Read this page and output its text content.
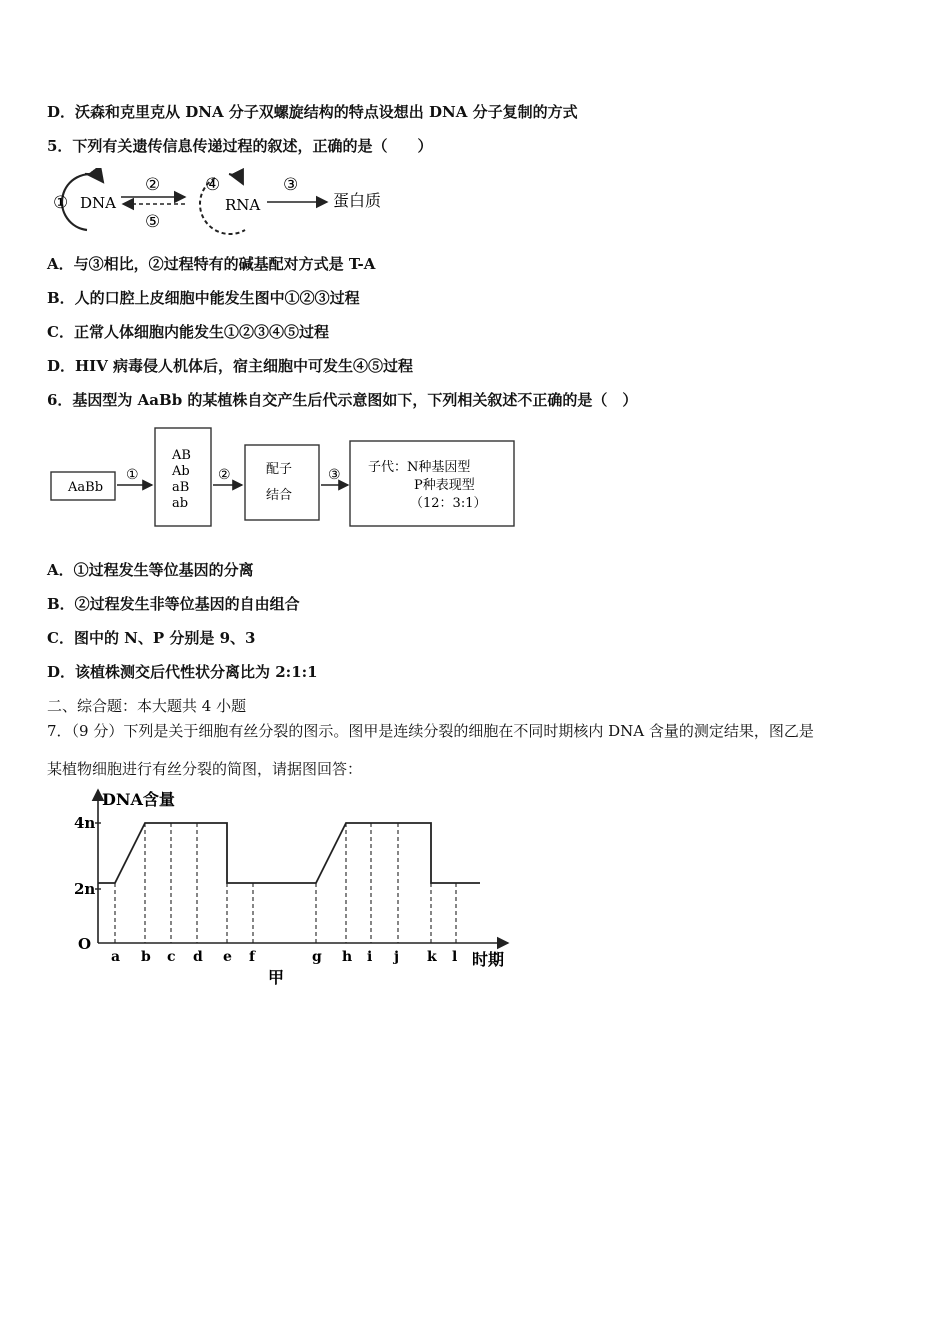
D．沃森和克里克从 DNA 分子双螺旋结构的特点设想出 DNA 分子复制的方式
5．下列有关遗传信息传递过程的叙述，正确的是（　　）
① DNA
②
⑤
④
RNA
③
蛋白质
A．与③相比，②过程特有的碱基配对方式是 T-A
B．人的口腔上皮细胞中能发生图中①②③过程
C．正常人体细胞内能发生①②③④⑤过程
D．HIV 病毒侵人机体后，宿主细胞中可发生④⑤过程
6．基因型为 AaBb 的某植株自交产生后代示意图如下，下列相关叙述不正确的是（　）
AaBb
①
AB
Ab
aB
ab
②	配子
结合
③ 子代：N种基因型
P种表现型
（12：3:1）
A．①过程发生等位基因的分离
B．②过程发生非等位基因的自由组合
C．图中的 N、P 分别是 9、3
D．该植株测交后代性状分离比为 2:1:1
二、综合题：本大题共 4 小题
7．（9 分）下列是关于细胞有丝分裂的图示。图甲是连续分裂的细胞在不同时期核内 DNA 含量的测定结果，图乙是
某植物细胞进行有丝分裂的简图，请据图回答：
DNA含量
时期
O
2n
4n
a b c d e f	g h i j k l
甲
